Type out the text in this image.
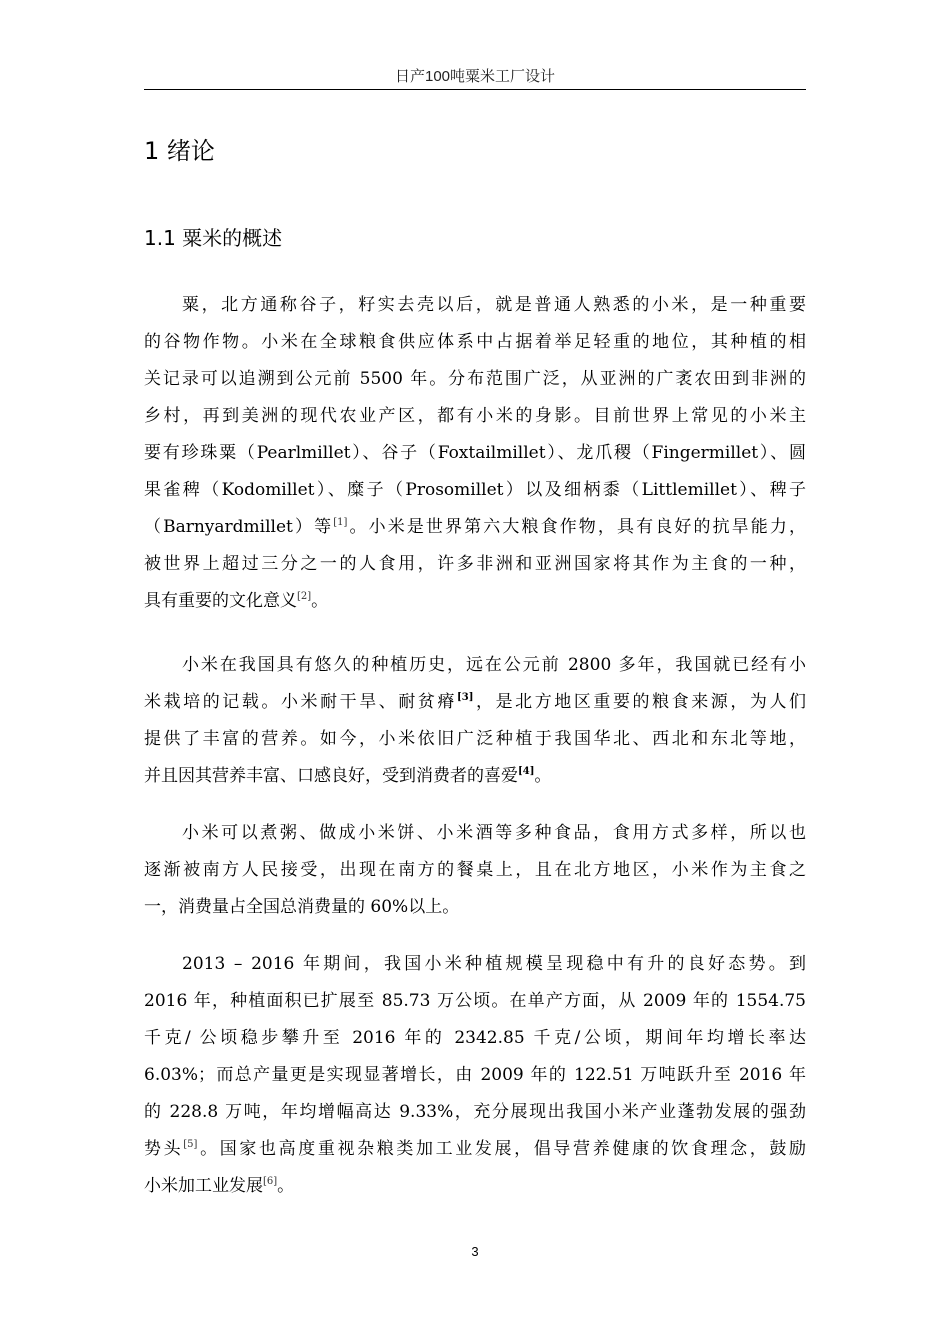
日产100吨粟米工厂设计
1 绪论
1.1 粟米的概述
粟，北方通称谷子，籽实去壳以后，就是普通人熟悉的小米，是一种重要
的谷物作物。小米在全球粮食供应体系中占据着举足轻重的地位，其种植的相
关记录可以追溯到公元前 5500 年。分布范围广泛，从亚洲的广袤农田到非洲的
乡村，再到美洲的现代农业产区，都有小米的身影。目前世界上常见的小米主
要有珍珠粟（Pearlmillet）、谷子（Foxtailmillet）、龙爪稷（Fingermillet）、圆
果雀稗（Kodomillet）、糜子（Prosomillet）以及细柄黍（Littlemillet）、稗子
（Barnyardmillet）等[1]。小米是世界第六大粮食作物，具有良好的抗旱能力，
被世界上超过三分之一的人食用，许多非洲和亚洲国家将其作为主食的一种，
具有重要的文化意义[2]。
小米在我国具有悠久的种植历史，远在公元前 2800 多年，我国就已经有小
米栽培的记载。小米耐干旱、耐贫瘠[3]，是北方地区重要的粮食来源，为人们
提供了丰富的营养。如今，小米依旧广泛种植于我国华北、西北和东北等地，
并且因其营养丰富、口感良好，受到消费者的喜爱[4]。
小米可以煮粥、做成小米饼、小米酒等多种食品，食用方式多样，所以也
逐渐被南方人民接受，出现在南方的餐桌上，且在北方地区，小米作为主食之
一，消费量占全国总消费量的 60%以上。
2013 – 2016 年期间，我国小米种植规模呈现稳中有升的良好态势。到
2016 年，种植面积已扩展至 85.73 万公顷。在单产方面，从 2009 年的 1554.75
千克/ 公顷稳步攀升至 2016 年的 2342.85 千克/公顷，期间年均增长率达
6.03%；而总产量更是实现显著增长，由 2009 年的 122.51 万吨跃升至 2016 年
的 228.8 万吨，年均增幅高达 9.33%，充分展现出我国小米产业蓬勃发展的强劲
势头[5]。国家也高度重视杂粮类加工业发展，倡导营养健康的饮食理念，鼓励
小米加工业发展[6]。
3
